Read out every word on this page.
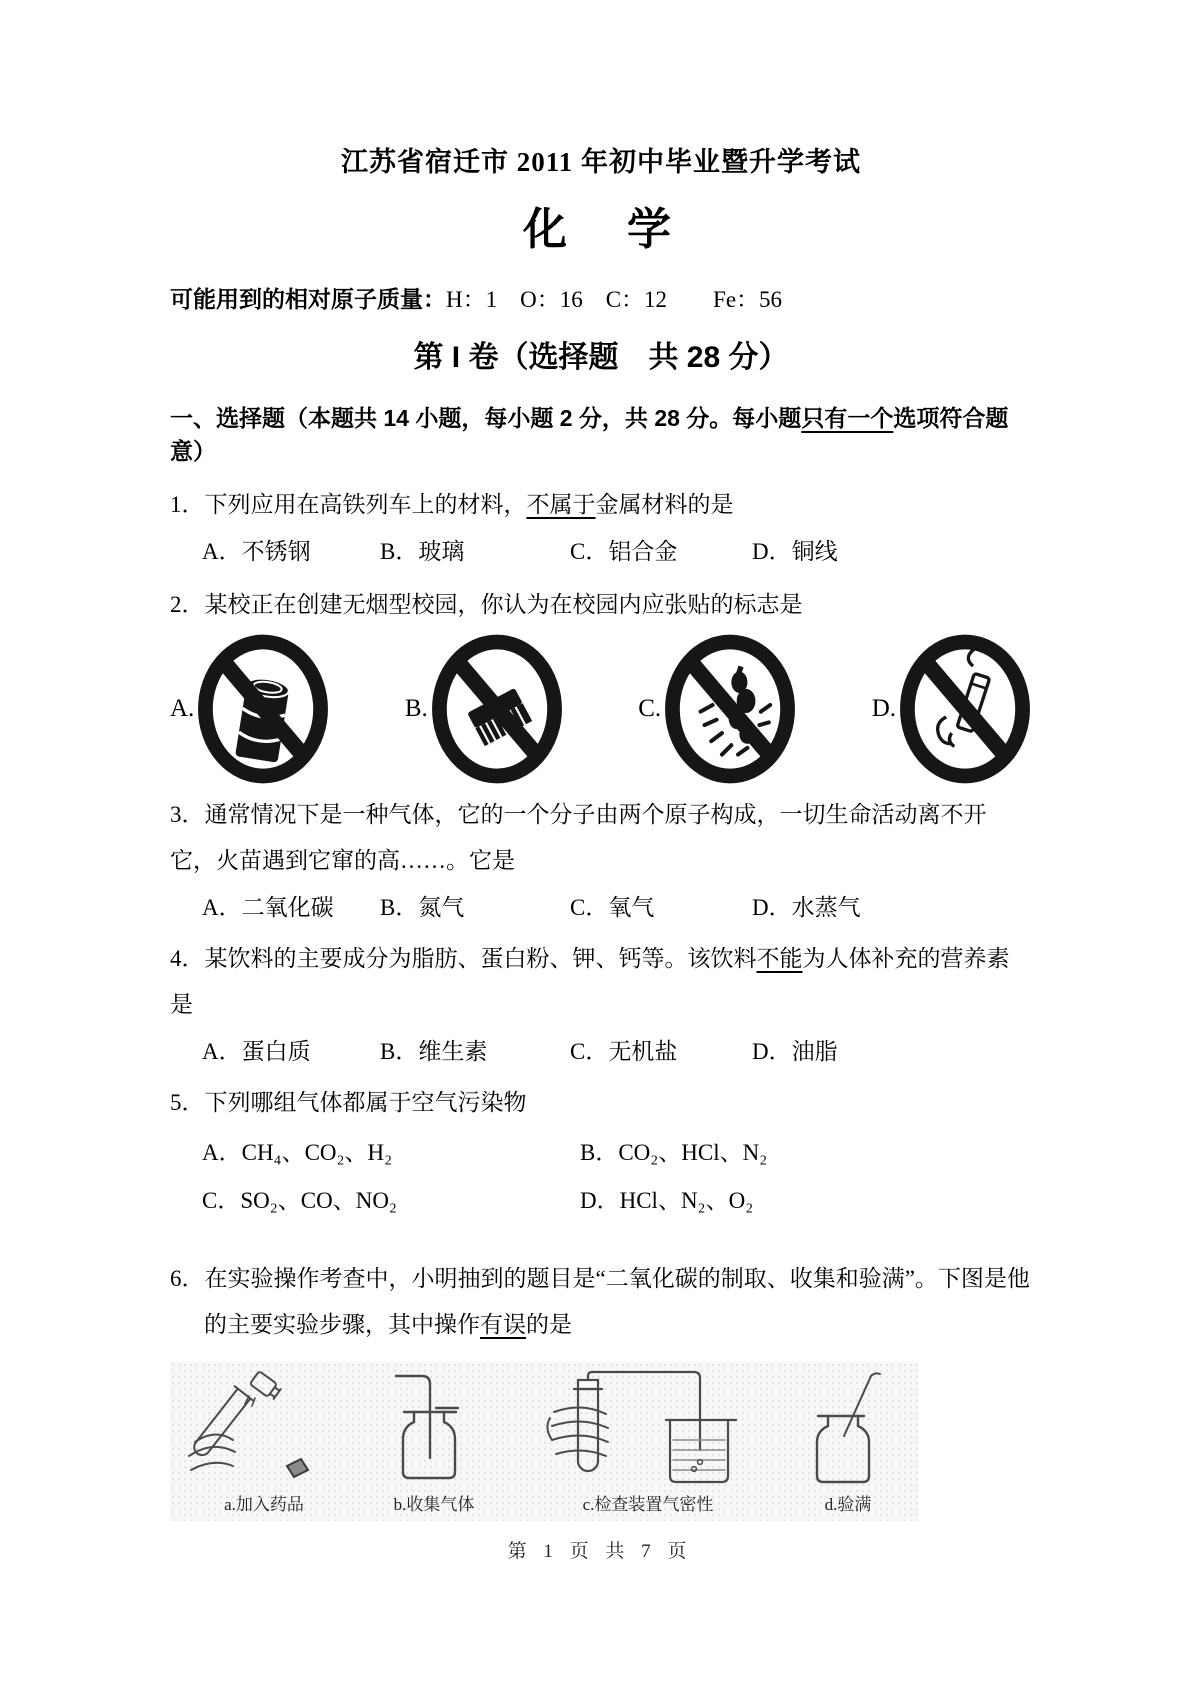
江苏省宿迁市 2011 年初中毕业暨升学考试
化　学

可能用到的相对原子质量：H：1　O：16　C：12　　Fe：56

第 I 卷（选择题　共 28 分）

一、选择题（本题共 14 小题，每小题 2 分，共 28 分。每小题只有一个选项符合题意）

1．下列应用在高铁列车上的材料，不属于金属材料的是

A．不锈钢	B．玻璃	C．铝合金	D．铜线

2．某校正在创建无烟型校园，你认为在校园内应张贴的标志是

A.	B.	C.	D.

3．通常情况下是一种气体，它的一个分子由两个原子构成，一切生命活动离不开它，火苗遇到它窜的高……。它是

A．二氧化碳	B．氮气	C．氧气	D．水蒸气

4．某饮料的主要成分为脂肪、蛋白粉、钾、钙等。该饮料不能为人体补充的营养素是

A．蛋白质	B．维生素	C．无机盐	D．油脂

5．下列哪组气体都属于空气污染物

A．CH₄、CO₂、H₂	B．CO₂、HCl、N₂
C．SO₂、CO、NO₂	D．HCl、N₂、O₂

6．在实验操作考查中，小明抽到的题目是“二氧化碳的制取、收集和验满”。下图是他的主要实验步骤，其中操作有误的是

a.加入药品	b.收集气体	c.检查装置气密性	d.验满
第 1 页 共 7 页
